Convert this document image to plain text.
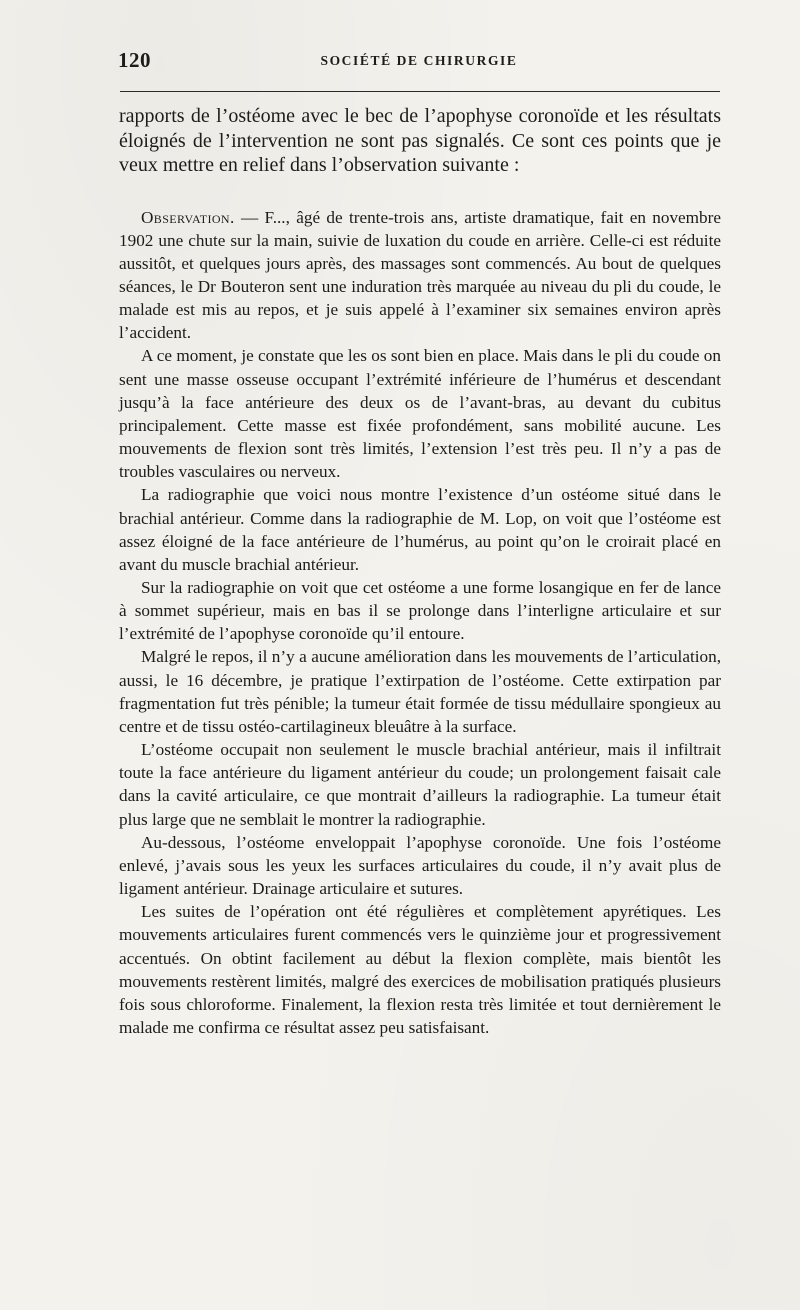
120	SOCIÉTÉ DE CHIRURGIE

rapports de l’ostéome avec le bec de l’apophyse coronoïde et les résultats éloignés de l’intervention ne sont pas signalés. Ce sont ces points que je veux mettre en relief dans l’observation suivante :

Observation. — F..., âgé de trente-trois ans, artiste dramatique, fait en novembre 1902 une chute sur la main, suivie de luxation du coude en arrière. Celle-ci est réduite aussitôt, et quelques jours après, des massages sont commencés. Au bout de quelques séances, le Dr Bouteron sent une induration très marquée au niveau du pli du coude, le malade est mis au repos, et je suis appelé à l’examiner six semaines environ après l’accident.

A ce moment, je constate que les os sont bien en place. Mais dans le pli du coude on sent une masse osseuse occupant l’extrémité inférieure de l’humérus et descendant jusqu’à la face antérieure des deux os de l’avant-bras, au devant du cubitus principalement. Cette masse est fixée profondément, sans mobilité aucune. Les mouvements de flexion sont très limités, l’extension l’est très peu. Il n’y a pas de troubles vasculaires ou nerveux.

La radiographie que voici nous montre l’existence d’un ostéome situé dans le brachial antérieur. Comme dans la radiographie de M. Lop, on voit que l’ostéome est assez éloigné de la face antérieure de l’humérus, au point qu’on le croirait placé en avant du muscle brachial antérieur.

Sur la radiographie on voit que cet ostéome a une forme losangique en fer de lance à sommet supérieur, mais en bas il se prolonge dans l’interligne articulaire et sur l’extrémité de l’apophyse coronoïde qu’il entoure.

Malgré le repos, il n’y a aucune amélioration dans les mouvements de l’articulation, aussi, le 16 décembre, je pratique l’extirpation de l’ostéome. Cette extirpation par fragmentation fut très pénible; la tumeur était formée de tissu médullaire spongieux au centre et de tissu ostéo-cartilagineux bleuâtre à la surface.

L’ostéome occupait non seulement le muscle brachial antérieur, mais il infiltrait toute la face antérieure du ligament antérieur du coude; un prolongement faisait cale dans la cavité articulaire, ce que montrait d’ailleurs la radiographie. La tumeur était plus large que ne semblait le montrer la radiographie.

Au-dessous, l’ostéome enveloppait l’apophyse coronoïde. Une fois l’ostéome enlevé, j’avais sous les yeux les surfaces articulaires du coude, il n’y avait plus de ligament antérieur. Drainage articulaire et sutures.

Les suites de l’opération ont été régulières et complètement apyrétiques. Les mouvements articulaires furent commencés vers le quinzième jour et progressivement accentués. On obtint facilement au début la flexion complète, mais bientôt les mouvements restèrent limités, malgré des exercices de mobilisation pratiqués plusieurs fois sous chloroforme. Finalement, la flexion resta très limitée et tout dernièrement le malade me confirma ce résultat assez peu satisfaisant.
